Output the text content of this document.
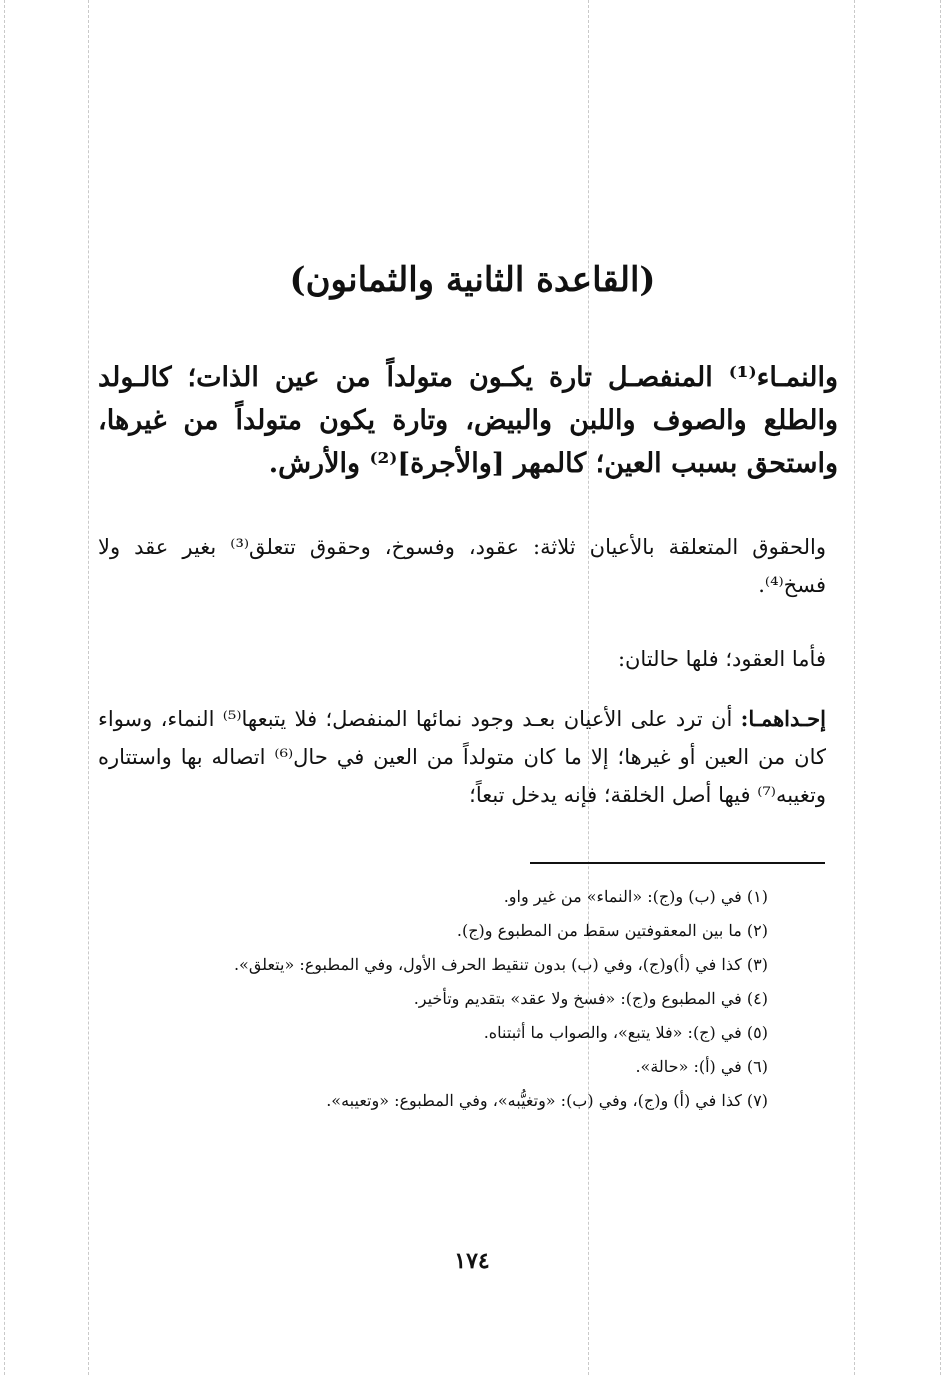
(القاعدة الثانية والثمانون)

والنمـاء⁽¹⁾ المنفصـل تارة يكـون متولداً من عين الذات؛ كالـولد والطلع والصوف واللبن والبيض، وتارة يكون متولداً من غيرها، واستحق بسبب العين؛ كالمهر [والأجرة]⁽²⁾ والأرش.

والحقوق المتعلقة بالأعيان ثلاثة: عقود، وفسوخ، وحقوق تتعلق⁽³⁾ بغير عقد ولا فسخ⁽⁴⁾.

فأما العقود؛ فلها حالتان:

إحـداهمـا: أن ترد على الأعيان بعـد وجود نمائها المنفصل؛ فلا يتبعها⁽⁵⁾ النماء، وسواء كان من العين أو غيرها؛ إلا ما كان متولداً من العين في حال⁽⁶⁾ اتصاله بها واستتاره وتغيبه⁽⁷⁾ فيها أصل الخلقة؛ فإنه يدخل تبعاً؛

(١) في (ب) و(ج): «النماء» من غير واو.
(٢) ما بين المعقوفتين سقط من المطبوع و(ج).
(٣) كذا في (أ)و(ج)، وفي (ب) بدون تنقيط الحرف الأول، وفي المطبوع: «يتعلق».
(٤) في المطبوع و(ج): «فسخ ولا عقد» بتقديم وتأخير.
(٥) في (ج): «فلا يتبع»، والصواب ما أثبتناه.
(٦) في (أ): «حالة».
(٧) كذا في (أ) و(ج)، وفي (ب): «وتغيُّبه»، وفي المطبوع: «وتعيبه».
١٧٤
